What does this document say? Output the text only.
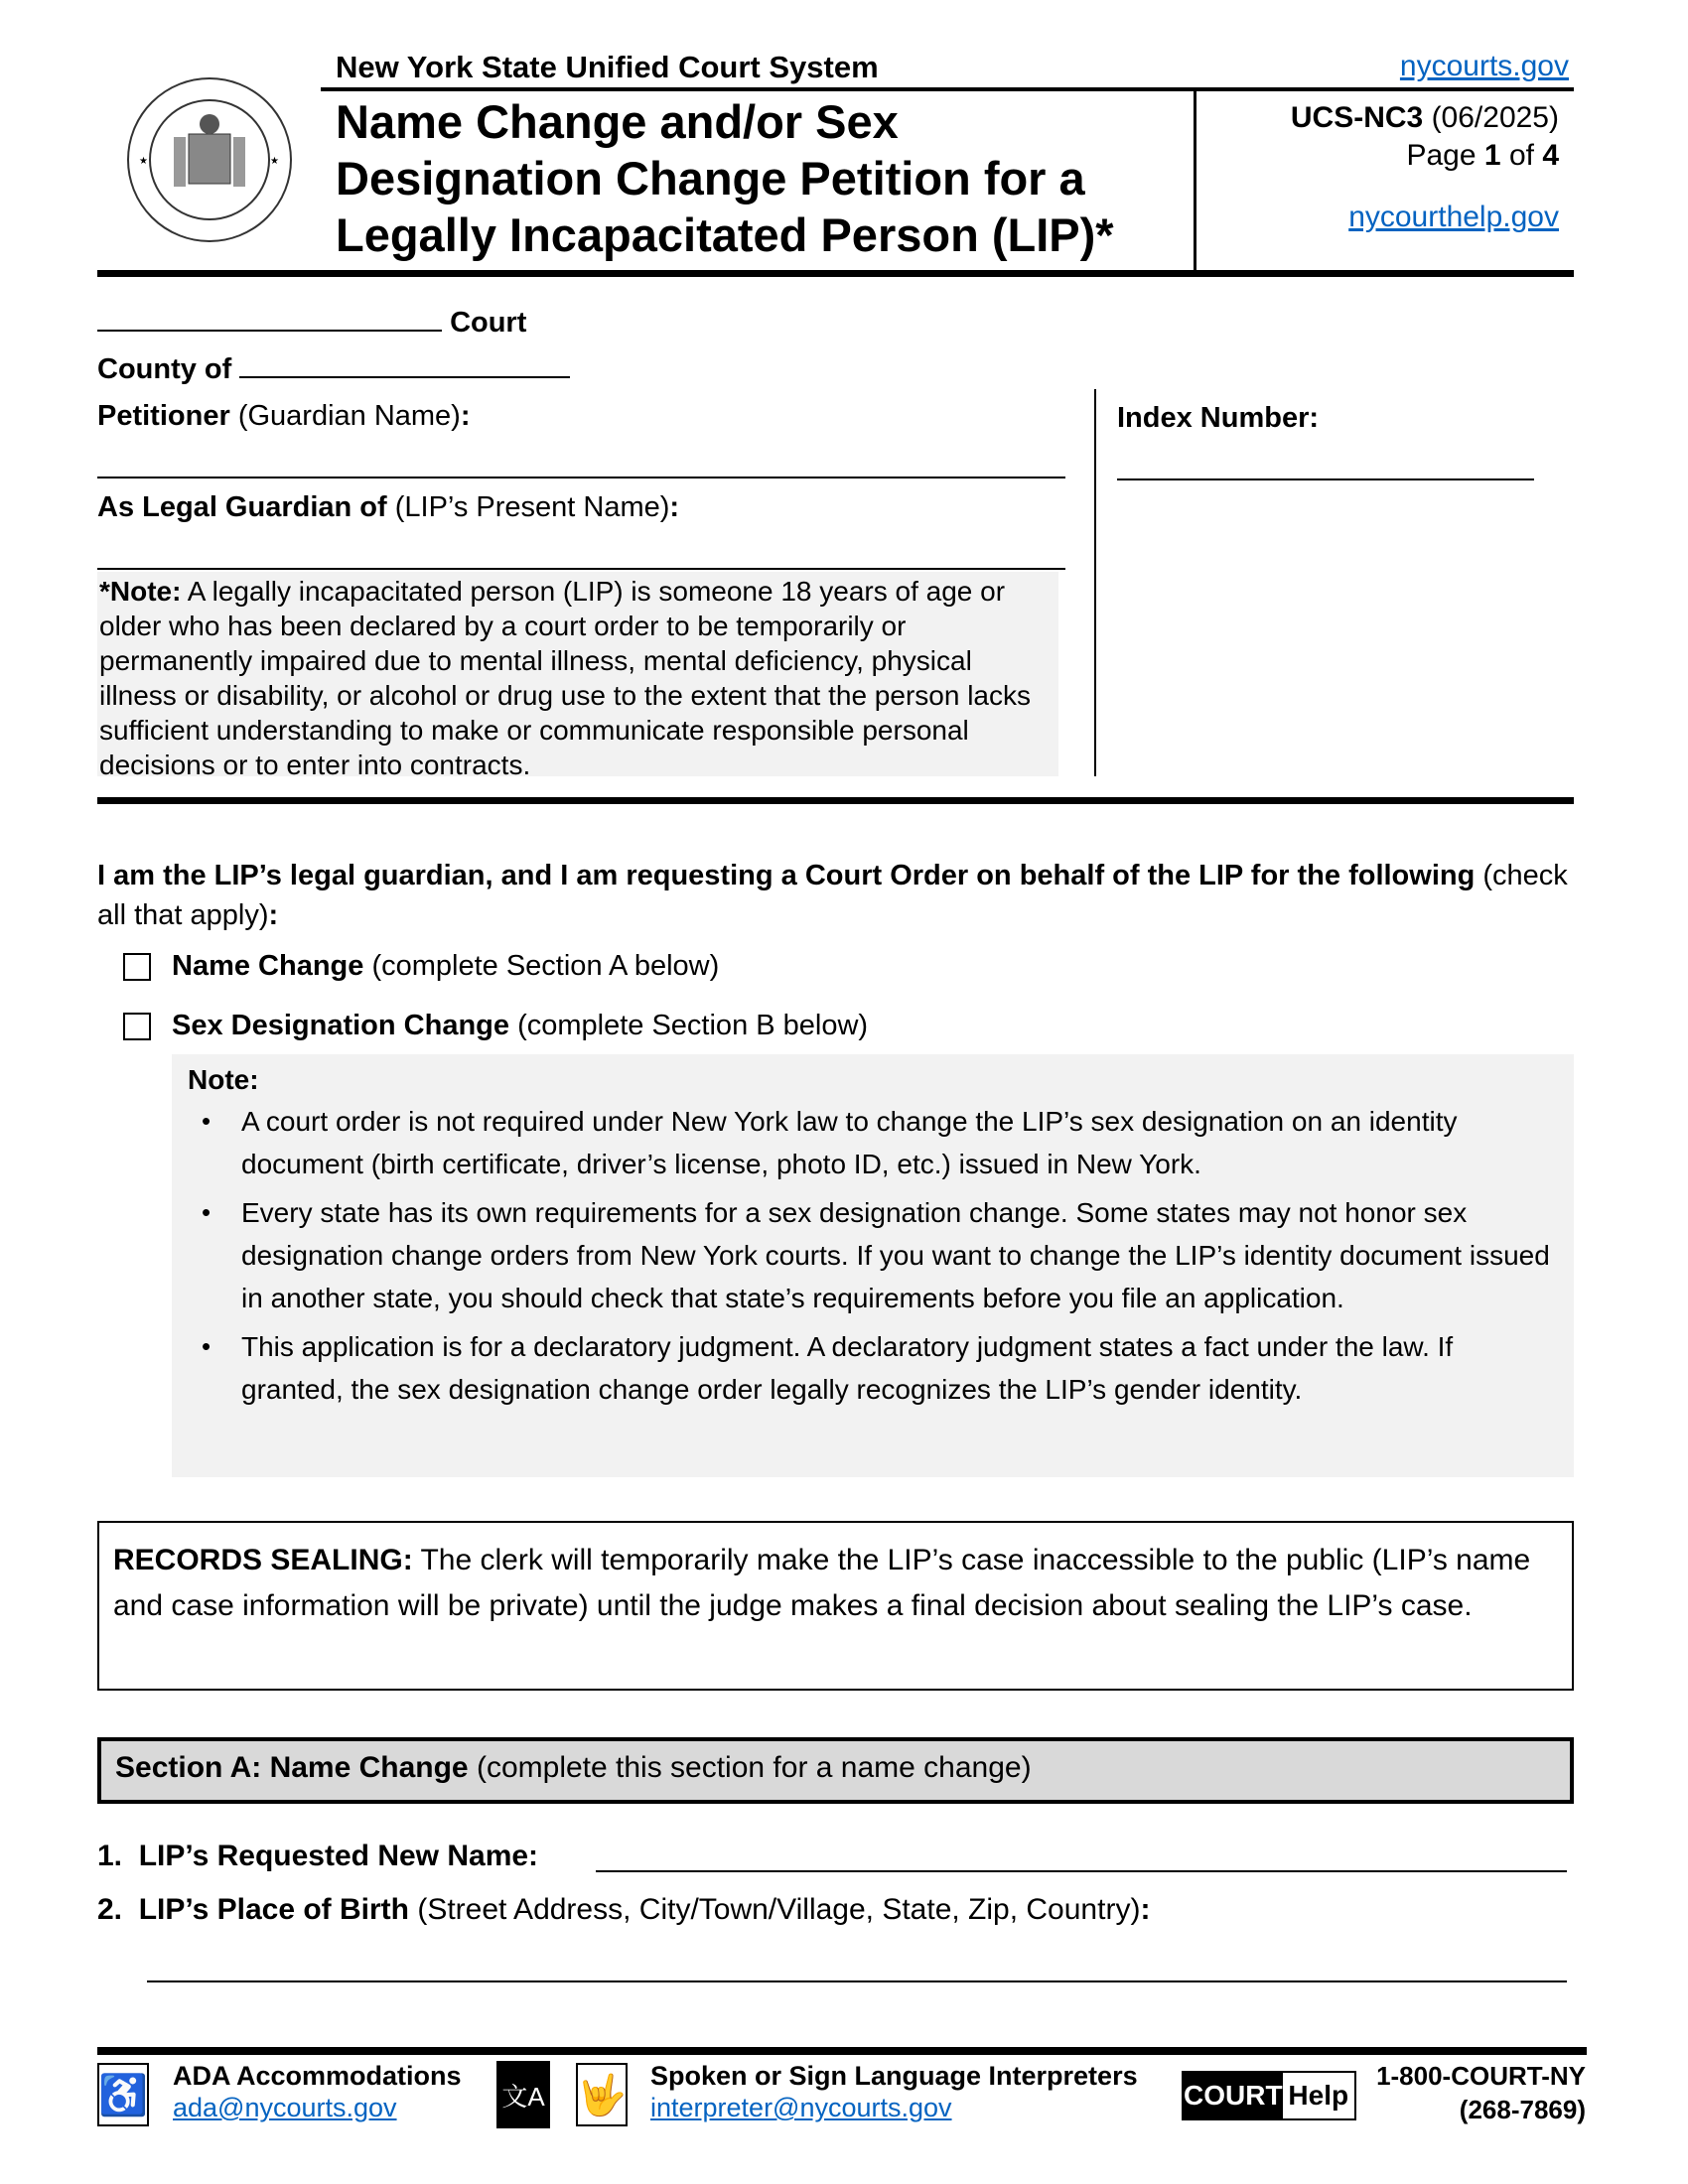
★	★
New York State Unified Court System	nycourts.gov
Name Change and/or Sex
Designation Change Petition for a
Legally Incapacitated Person (LIP)*
UCS-NC3 (06/2025)
Page 1 of 4
nycourthelp.gov
Court
County of
Petitioner (Guardian Name):
As Legal Guardian of (LIP’s Present Name):
*Note: A legally incapacitated person (LIP) is someone 18 years of age or older who has been declared by a court order to be temporarily or permanently impaired due to mental illness, mental deficiency, physical illness or disability, or alcohol or drug use to the extent that the person lacks sufficient understanding to make or communicate responsible personal decisions or to enter into contracts.
Index Number:
I am the LIP’s legal guardian, and I am requesting a Court Order on behalf of the LIP for the following (check all that apply):
Name Change (complete Section A below)
Sex Designation Change (complete Section B below)
Note:
• A court order is not required under New York law to change the LIP’s sex designation on an identity document (birth certificate, driver’s license, photo ID, etc.) issued in New York.
• Every state has its own requirements for a sex designation change. Some states may not honor sex designation change orders from New York courts. If you want to change the LIP’s identity document issued in another state, you should check that state’s requirements before you file an application.
• This application is for a declaratory judgment. A declaratory judgment states a fact under the law. If granted, the sex designation change order legally recognizes the LIP’s gender identity.
RECORDS SEALING: The clerk will temporarily make the LIP’s case inaccessible to the public (LIP’s name and case information will be private) until the judge makes a final decision about sealing the LIP’s case.
Section A: Name Change (complete this section for a name change)
1. LIP’s Requested New Name:
2. LIP’s Place of Birth (Street Address, City/Town/Village, State, Zip, Country):
♿ ADA Accommodations
ada@nycourts.gov	文A 🤟 Spoken or Sign Language Interpreters
interpreter@nycourts.gov	COURT Help
1-800-COURT-NY
(268-7869)
